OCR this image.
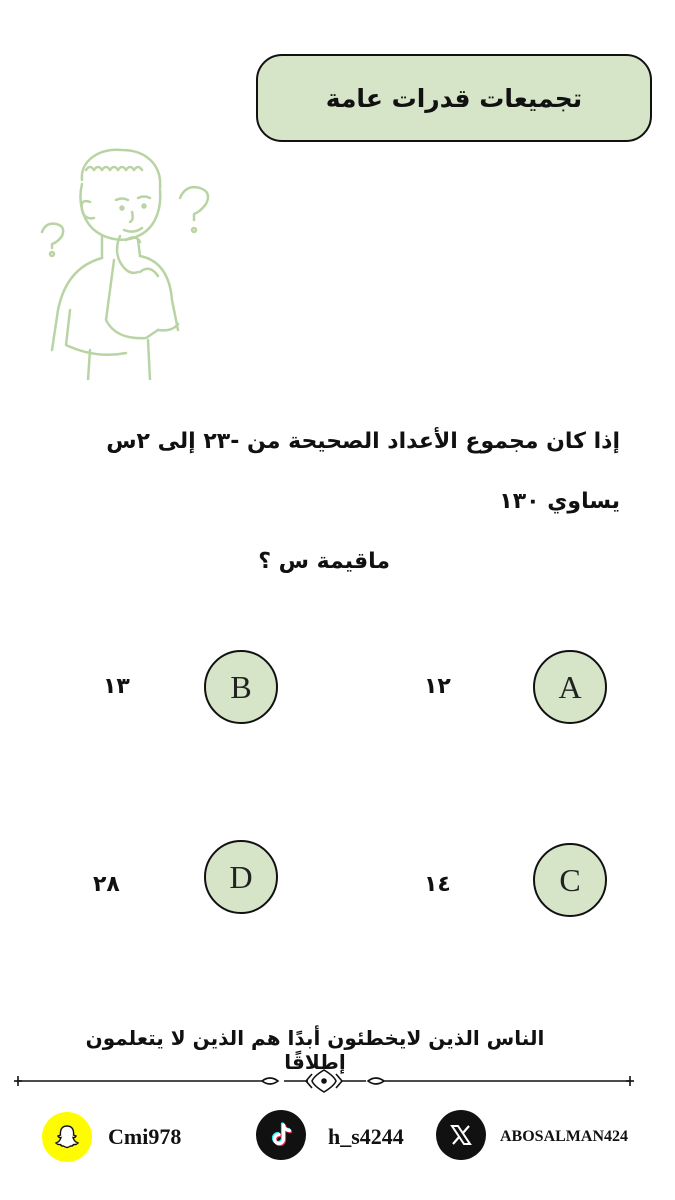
تجميعات قدرات عامة
إذا كان مجموع الأعداد الصحيحة من -٢٣ إلى ٢س يساوي ١٣٠
ماقيمة س ؟
A
١٢
B
١٣
C
١٤
D
٢٨
الناس الذين لايخطئون أبدًا هم الذين لا يتعلمون إطلاقًا
Cmi978	h_s4244	ABOSALMAN424
